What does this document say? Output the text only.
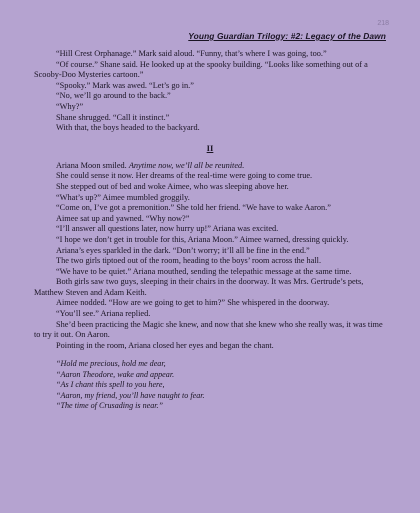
218
Young Guardian Trilogy: #2: Legacy of the Dawn

“Hill Crest Orphanage.” Mark said aloud. “Funny, that’s where I was going, too.”

“Of course.” Shane said. He looked up at the spooky building. “Looks like something out of a Scooby-Doo Mysteries cartoon.”

“Spooky.” Mark was awed. “Let’s go in.”

“No, we’ll go around to the back.”

“Why?”

Shane shrugged. “Call it instinct.”

With that, the boys headed to the backyard.

II

Ariana Moon smiled. Anytime now, we’ll all be reunited.

She could sense it now. Her dreams of the real-time were going to come true.

She stepped out of bed and woke Aimee, who was sleeping above her.

“What’s up?” Aimee mumbled groggily.

“Come on, I’ve got a premonition.” She told her friend. “We have to wake Aaron.”

Aimee sat up and yawned. “Why now?”

“I’ll answer all questions later, now hurry up!” Ariana was excited.

“I hope we don’t get in trouble for this, Ariana Moon.” Aimee warned, dressing quickly.

Ariana’s eyes sparkled in the dark. “Don’t worry; it’ll all be fine in the end.”

The two girls tiptoed out of the room, heading to the boys’ room across the hall.

“We have to be quiet.” Ariana mouthed, sending the telepathic message at the same time.

Both girls saw two guys, sleeping in their chairs in the doorway. It was Mrs. Gertrude’s pets, Matthew Steven and Adam Keith.

Aimee nodded. “How are we going to get to him?” She whispered in the doorway.

“You’ll see.” Ariana replied.

She’d been practicing the Magic she knew, and now that she knew who she really was, it was time to try it out. On Aaron.

Pointing in the room, Ariana closed her eyes and began the chant.

“Hold me precious, hold me dear,

“Aaron Theodore, wake and appear.

“As I chant this spell to you here,

“Aaron, my friend, you’ll have naught to fear.

“The time of Crusading is near.”
